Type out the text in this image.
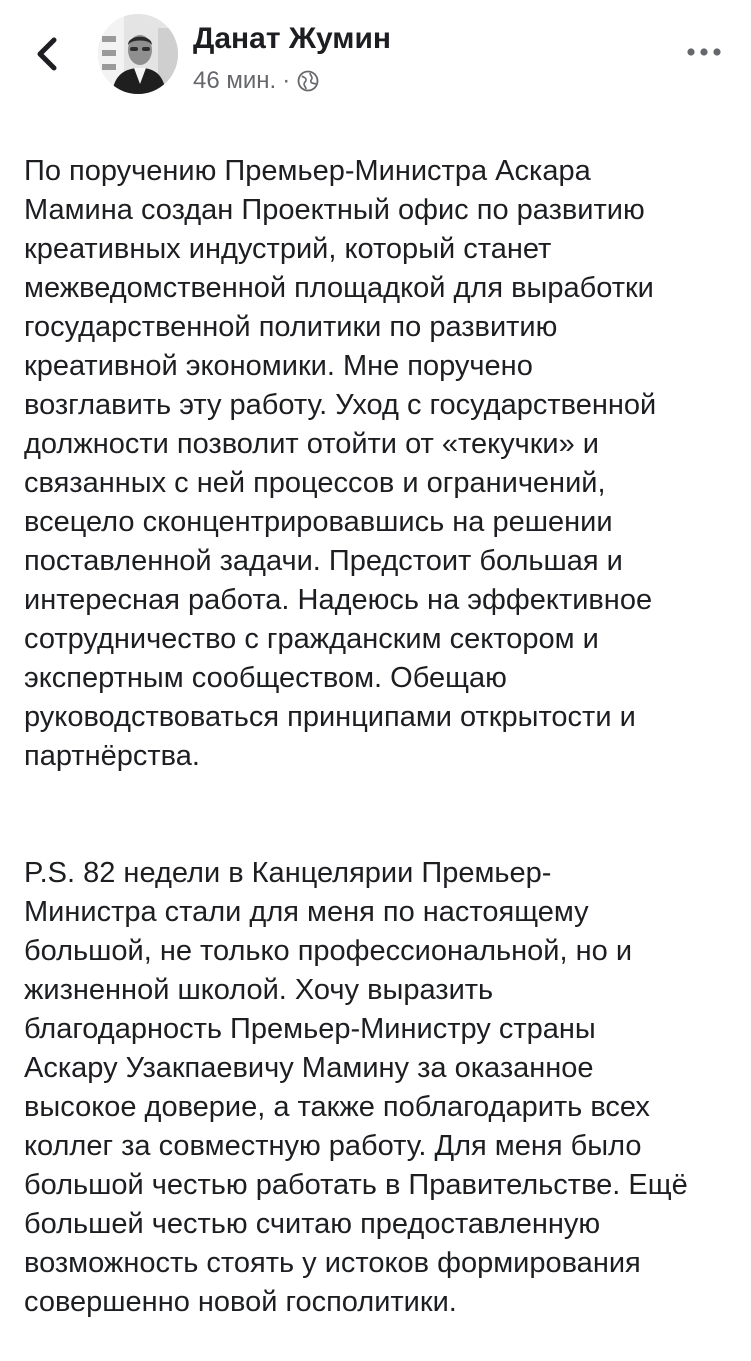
Данат Жумин
46 мин. ·

По поручению Премьер-Министра Аскара
Мамина создан Проектный офис по развитию
креативных индустрий, который станет
межведомственной площадкой для выработки
государственной политики по развитию
креативной экономики. Мне поручено
возглавить эту работу. Уход с государственной
должности позволит отойти от «текучки» и
связанных с ней процессов и ограничений,
всецело сконцентрировавшись на решении
поставленной задачи. Предстоит большая и
интересная работа. Надеюсь на эффективное
сотрудничество с гражданским сектором и
экспертным сообществом. Обещаю
руководствоваться принципами открытости и
партнёрства.

P.S. 82 недели в Канцелярии Премьер-
Министра стали для меня по настоящему
большой, не только профессиональной, но и
жизненной школой. Хочу выразить
благодарность Премьер-Министру страны
Аскару Узакпаевичу Мамину за оказанное
высокое доверие, а также поблагодарить всех
коллег за совместную работу. Для меня было
большой честью работать в Правительстве. Ещё
большей честью считаю предоставленную
возможность стоять у истоков формирования
совершенно новой госполитики.
